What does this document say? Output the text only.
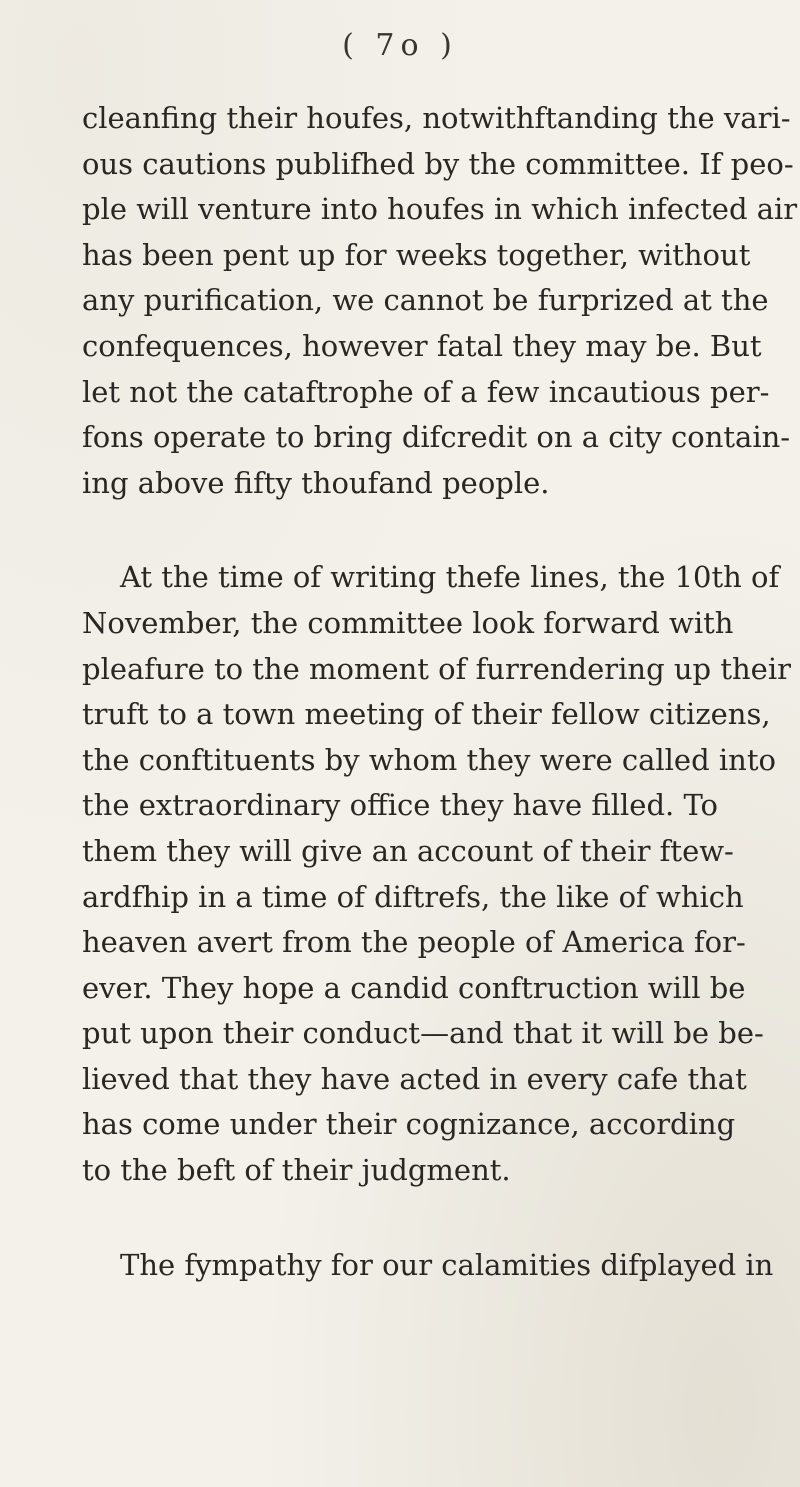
( 7o )
cleanfing their houfes, notwithftanding the vari-
ous cautions publifhed by the committee. If peo-
ple will venture into houfes in which infected air
has been pent up for weeks together, without
any purification, we cannot be furprized at the
confequences, however fatal they may be. But
let not the cataftrophe of a few incautious per-
fons operate to bring difcredit on a city contain-
ing above fifty thoufand people.
At the time of writing thefe lines, the 10th of
November, the committee look forward with
pleafure to the moment of furrendering up their
truft to a town meeting of their fellow citizens,
the conftituents by whom they were called into
the extraordinary office they have filled. To
them they will give an account of their ftew-
ardfhip in a time of diftrefs, the like of which
heaven avert from the people of America for-
ever. They hope a candid conftruction will be
put upon their conduct—and that it will be be-
lieved that they have acted in every cafe that
has come under their cognizance, according
to the beft of their judgment.
The fympathy for our calamities difplayed in
